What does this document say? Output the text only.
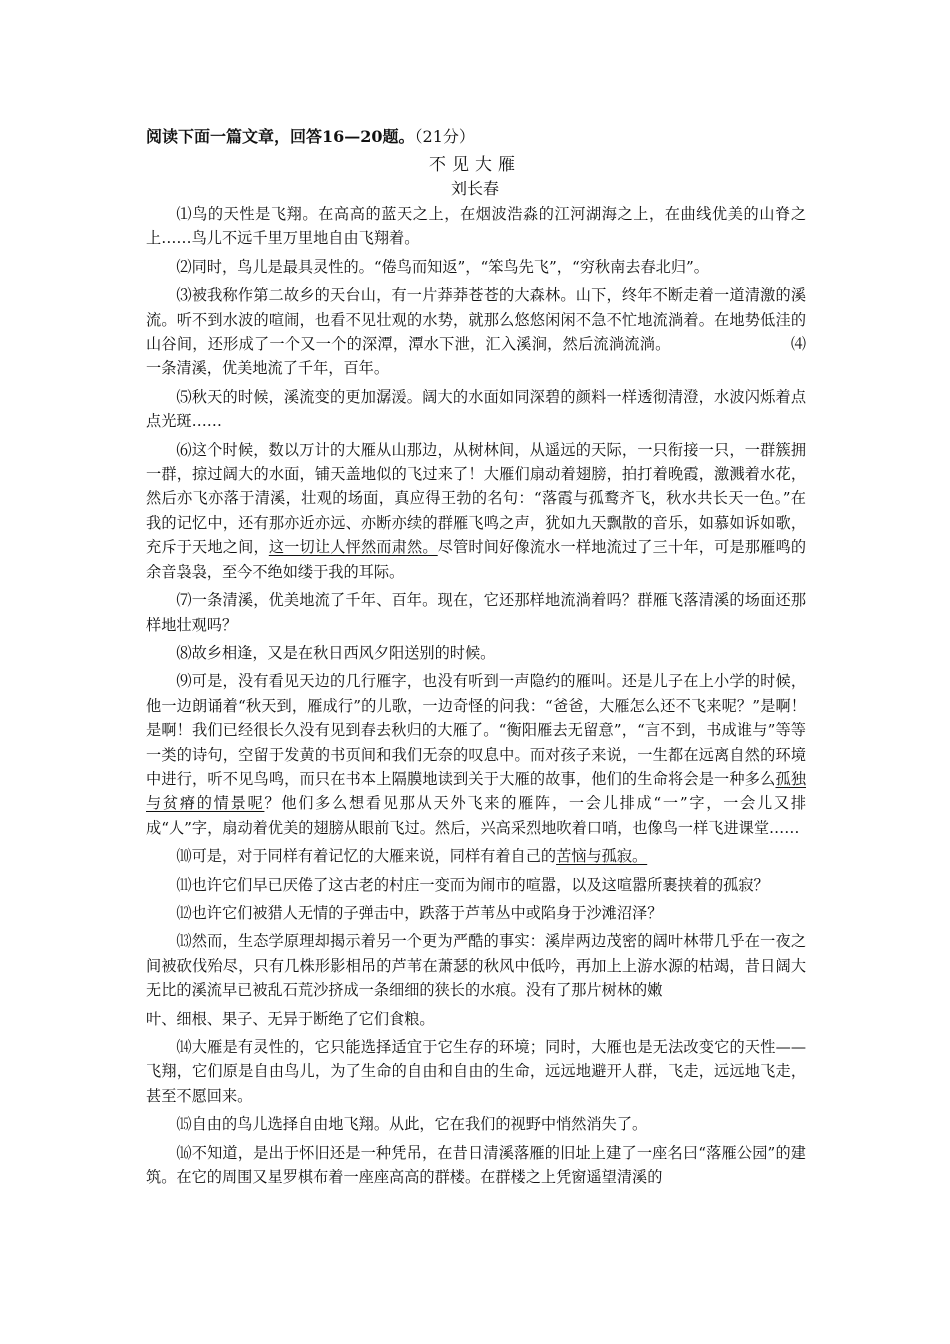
阅读下面一篇文章，回答16—20题。（21分）
不见大雁
刘长春

⑴鸟的天性是飞翔。在高高的蓝天之上，在烟波浩淼的江河湖海之上，在曲线优美的山脊之上……鸟儿不远千里万里地自由飞翔着。

⑵同时，鸟儿是最具灵性的。“倦鸟而知返”，“笨鸟先飞”，“穷秋南去春北归”。

⑶被我称作第二故乡的天台山，有一片莽莽苍苍的大森林。山下，终年不断走着一道清激的溪流。听不到水波的喧闹，也看不见壮观的水势，就那么悠悠闲闲不急不忙地流淌着。在地势低洼的山谷间，还形成了一个又一个的深潭，潭水下泄，汇入溪涧，然后流淌流淌。	⑷一条清溪，优美地流了千年，百年。

⑸秋天的时候，溪流变的更加潺湲。阔大的水面如同深碧的颜料一样透彻清澄，水波闪烁着点点光斑……

⑹这个时候，数以万计的大雁从山那边，从树林间，从遥远的天际，一只衔接一只，一群簇拥一群，掠过阔大的水面，铺天盖地似的飞过来了！大雁们扇动着翅膀，拍打着晚霞，激溅着水花，然后亦飞亦落于清溪，壮观的场面，真应得王勃的名句：“落霞与孤鹜齐飞，秋水共长天一色。”在我的记忆中，还有那亦近亦远、亦断亦续的群雁飞鸣之声，犹如九天飘散的音乐，如慕如诉如歌，充斥于天地之间，这一切让人怦然而肃然。尽管时间好像流水一样地流过了三十年，可是那雁鸣的余音袅袅，至今不绝如缕于我的耳际。

⑺一条清溪，优美地流了千年、百年。现在，它还那样地流淌着吗？群雁飞落清溪的场面还那样地壮观吗？

⑻故乡相逢，又是在秋日西风夕阳送别的时候。

⑼可是，没有看见天边的几行雁字，也没有听到一声隐约的雁叫。还是儿子在上小学的时候，他一边朗诵着“秋天到，雁成行”的儿歌，一边奇怪的问我：“爸爸，大雁怎么还不飞来呢？”是啊！是啊！我们已经很长久没有见到春去秋归的大雁了。“衡阳雁去无留意”，“言不到，书成谁与”等等一类的诗句，空留于发黄的书页间和我们无奈的叹息中。而对孩子来说，一生都在远离自然的环境中进行，听不见鸟鸣，而只在书本上隔膜地读到关于大雁的故事，他们的生命将会是一种多么孤独与贫瘠的情景呢？他们多么想看见那从天外飞来的雁阵，一会儿排成“一”字，一会儿又排成“人”字，扇动着优美的翅膀从眼前飞过。然后，兴高采烈地吹着口哨，也像鸟一样飞进课堂……

⑽可是，对于同样有着记忆的大雁来说，同样有着自己的苦恼与孤寂。

⑾也许它们早已厌倦了这古老的村庄一变而为闹市的喧嚣，以及这喧嚣所裹挟着的孤寂？

⑿也许它们被猎人无情的子弹击中，跌落于芦苇丛中或陷身于沙滩沼泽？

⒀然而，生态学原理却揭示着另一个更为严酷的事实：溪岸两边茂密的阔叶林带几乎在一夜之间被砍伐殆尽，只有几株形影相吊的芦苇在萧瑟的秋风中低吟，再加上上游水源的枯竭，昔日阔大无比的溪流早已被乱石荒沙挤成一条细细的狭长的水痕。没有了那片树林的嫩

叶、细根、果子、无异于断绝了它们食粮。

⒁大雁是有灵性的，它只能选择适宜于它生存的环境；同时，大雁也是无法改变它的天性——飞翔，它们原是自由鸟儿，为了生命的自由和自由的生命，远远地避开人群，飞走，远远地飞走，甚至不愿回来。

⒂自由的鸟儿选择自由地飞翔。从此，它在我们的视野中悄然消失了。

⒃不知道，是出于怀旧还是一种凭吊，在昔日清溪落雁的旧址上建了一座名曰“落雁公园”的建筑。在它的周围又星罗棋布着一座座高高的群楼。在群楼之上凭窗遥望清溪的
